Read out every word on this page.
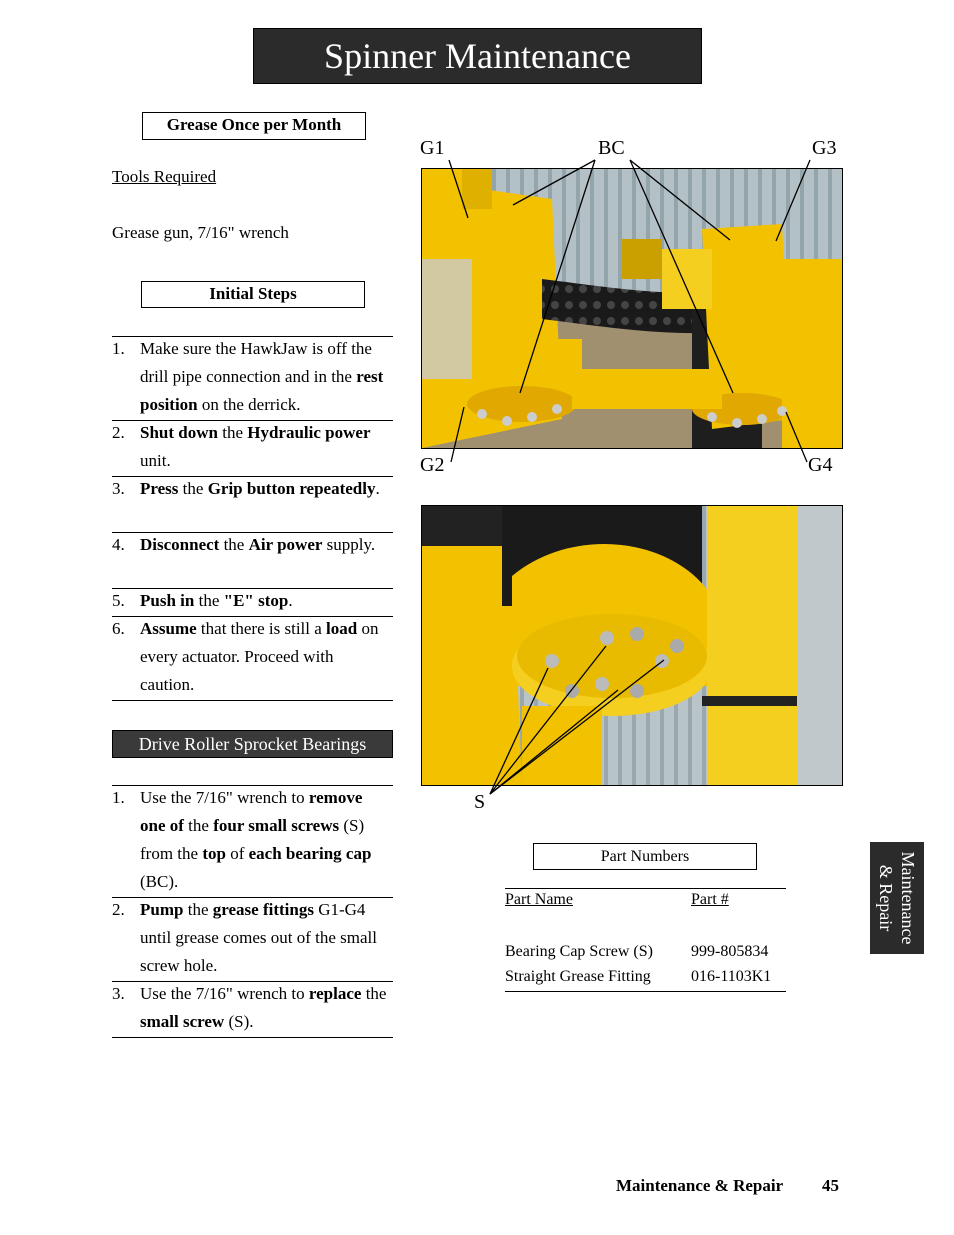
Spinner Maintenance
Grease Once per Month
Tools Required
Grease gun, 7/16" wrench
Initial Steps
1. Make sure the HawkJaw is off the drill pipe connection and in the rest position on the derrick.
2. Shut down the Hydraulic power unit.
3. Press the Grip button repeatedly.
4. Disconnect the Air power supply.
5. Push in the "E" stop.
6. Assume that there is still a load on every actuator. Proceed with caution.
Drive Roller Sprocket Bearings
1. Use the 7/16" wrench to remove one of the four small screws (S) from the top of each bearing cap (BC).
2. Pump the grease fittings G1-G4 until grease comes out of the small screw hole.
3. Use the 7/16" wrench to replace the small screw (S).
G1	BC	G3
G2	G4
S
Part Numbers
Part Name	Part #
Bearing Cap Screw (S) 999-805834
Straight Grease Fitting	016-1103K1
Maintenance
& Repair
Maintenance & Repair 45
